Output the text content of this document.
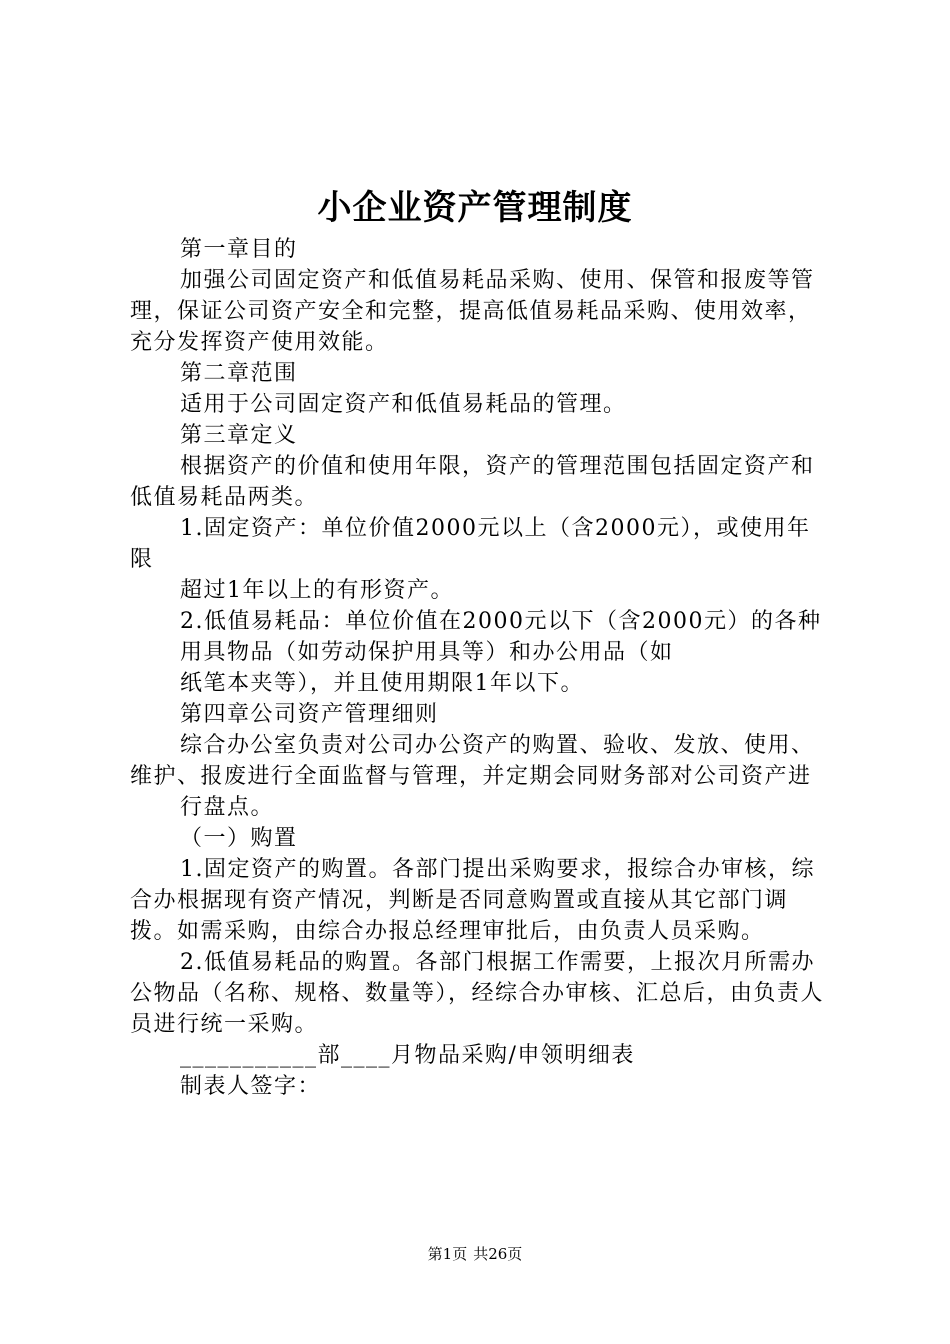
小企业资产管理制度

第一章目的

加强公司固定资产和低值易耗品采购、使用、保管和报废等管理，保证公司资产安全和完整，提高低值易耗品采购、使用效率，充分发挥资产使用效能。

第二章范围

适用于公司固定资产和低值易耗品的管理。

第三章定义

根据资产的价值和使用年限，资产的管理范围包括固定资产和低值易耗品两类。

1.固定资产：单位价值2000元以上（含2000元），或使用年限

超过1年以上的有形资产。

2.低值易耗品：单位价值在2000元以下（含2000元）的各种

用具物品（如劳动保护用具等）和办公用品（如

纸笔本夹等），并且使用期限1年以下。

第四章公司资产管理细则

综合办公室负责对公司办公资产的购置、验收、发放、使用、维护、报废进行全面监督与管理，并定期会同财务部对公司资产进

行盘点。

（一）购置

1.固定资产的购置。各部门提出采购要求，报综合办审核，综合办根据现有资产情况，判断是否同意购置或直接从其它部门调拨。如需采购，由综合办报总经理审批后，由负责人员采购。

2.低值易耗品的购置。各部门根据工作需要，上报次月所需办公物品（名称、规格、数量等），经综合办审核、汇总后，由负责人员进行统一采购。

___________部____月物品采购/申领明细表

制表人签字：

第1页 共26页
